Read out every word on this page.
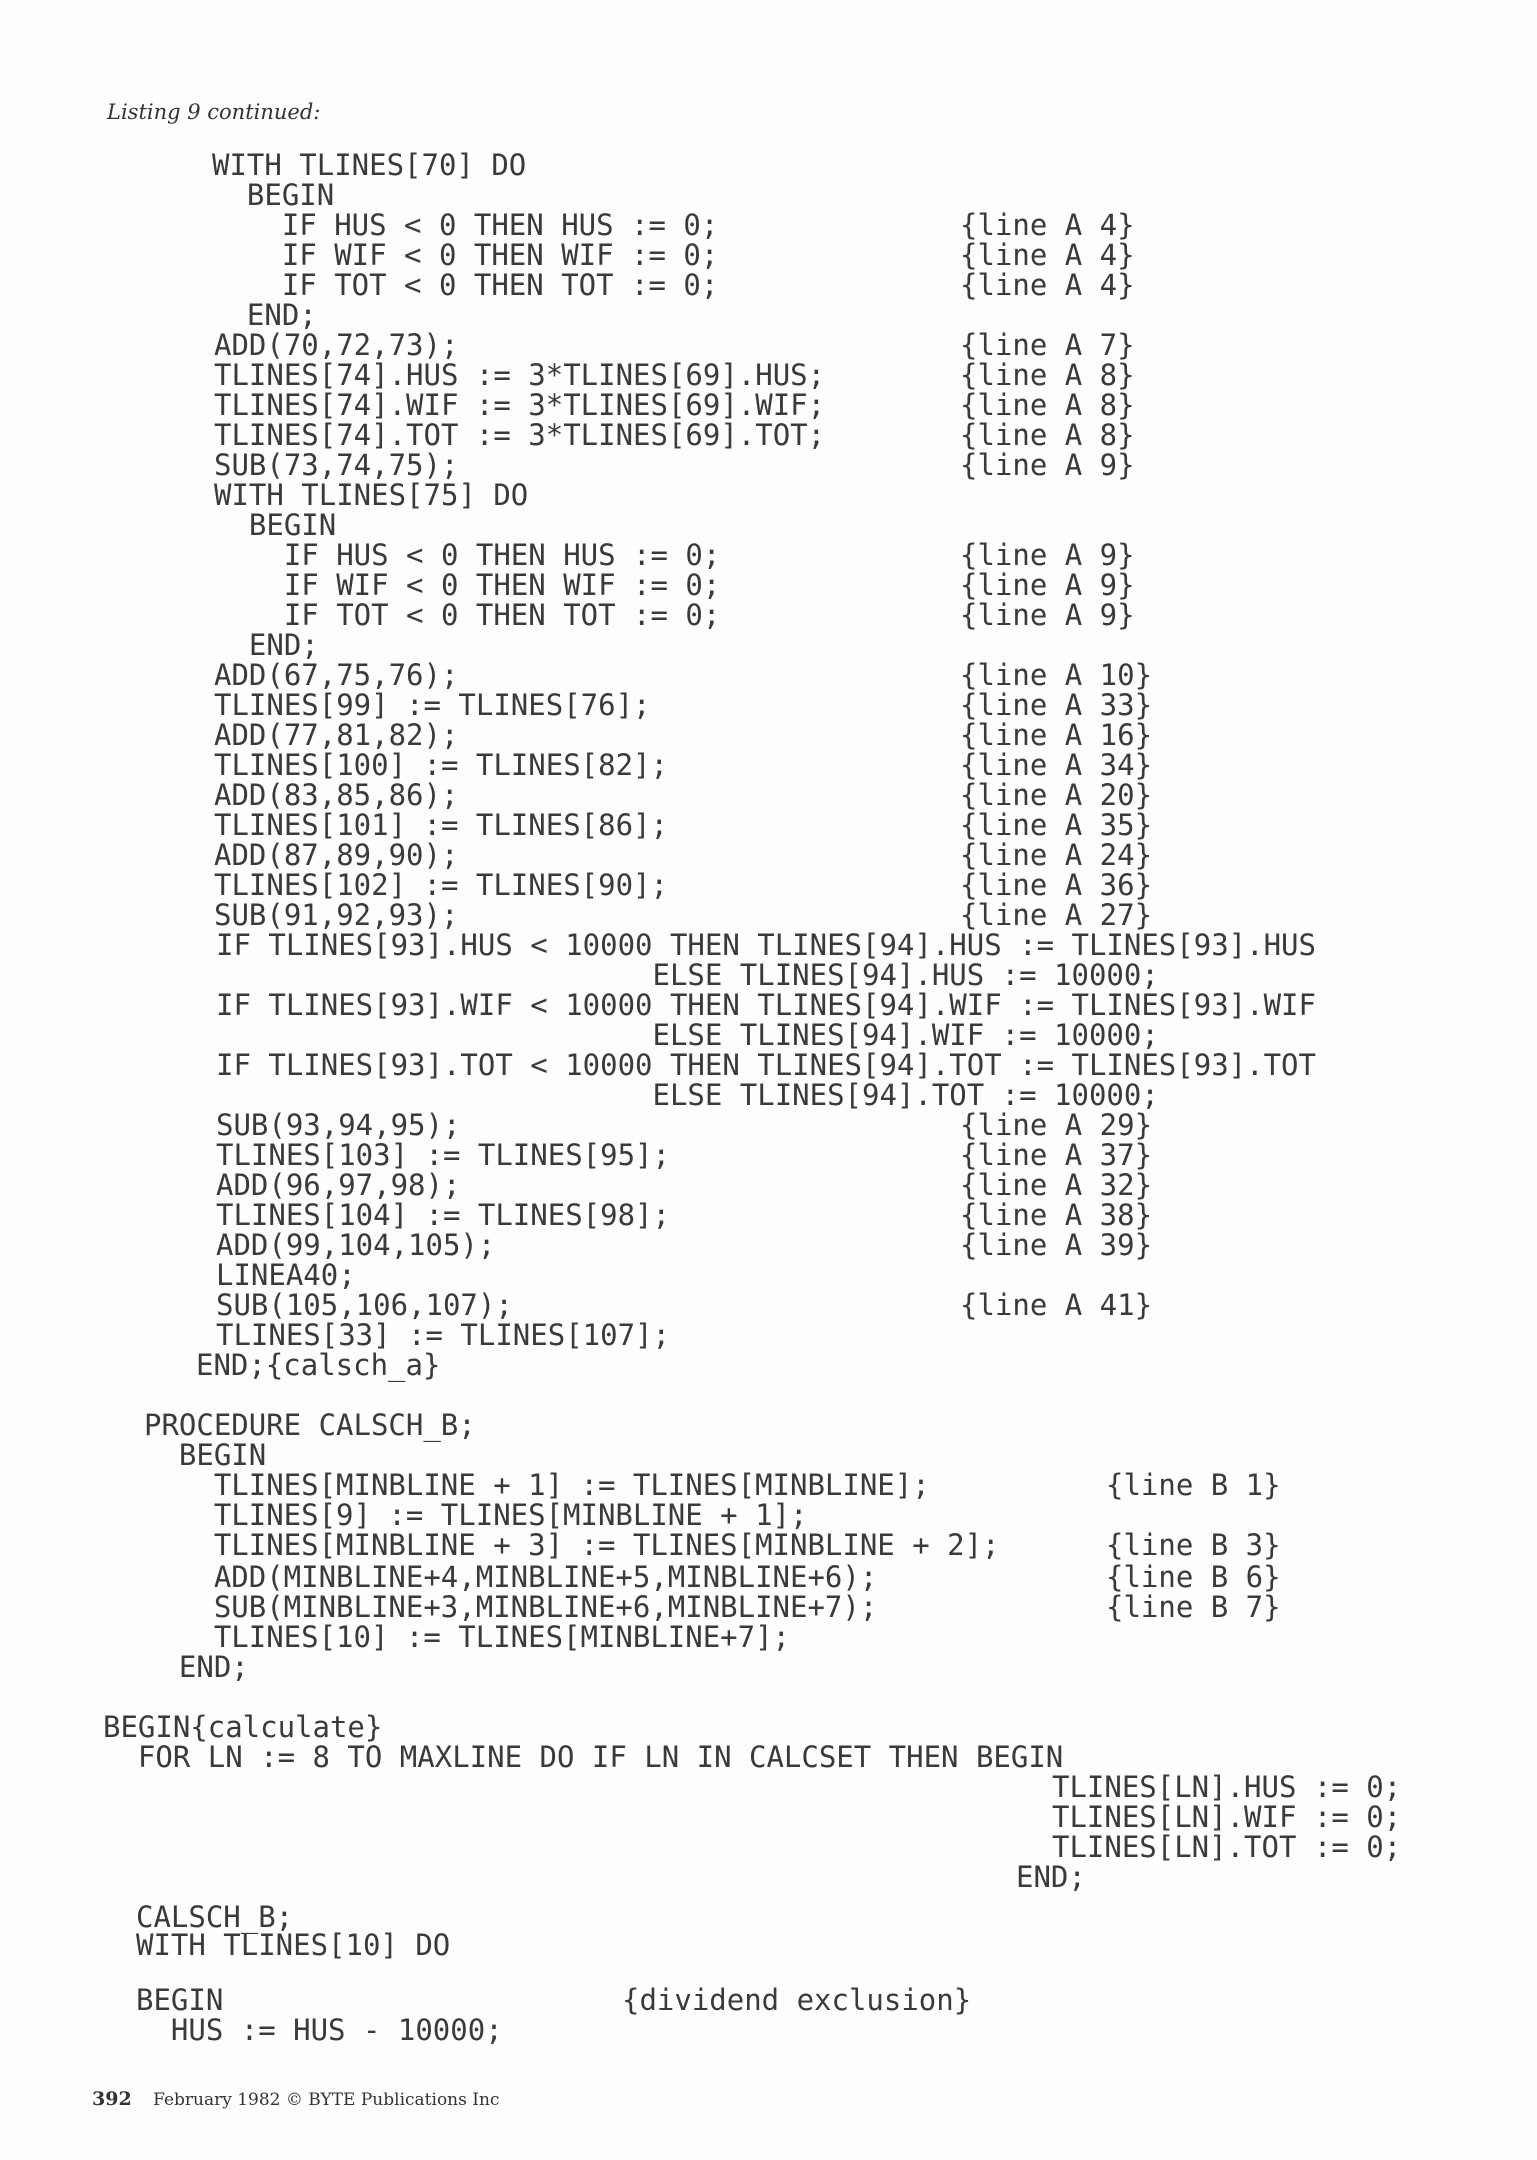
Listing 9 continued:
WITH TLINES[70] DO
BEGIN
IF HUS < 0 THEN HUS := 0;	{line A 4}
IF WIF < 0 THEN WIF := 0;	{line A 4}
IF TOT < 0 THEN TOT := 0;	{line A 4}
END;
ADD(70,72,73);	{line A 7}
TLINES[74].HUS := 3*TLINES[69].HUS;	{line A 8}
TLINES[74].WIF := 3*TLINES[69].WIF;	{line A 8}
TLINES[74].TOT := 3*TLINES[69].TOT;	{line A 8}
SUB(73,74,75);	{line A 9}
WITH TLINES[75] DO
BEGIN
IF HUS < 0 THEN HUS := 0;	{line A 9}
IF WIF < 0 THEN WIF := 0;	{line A 9}
IF TOT < 0 THEN TOT := 0;	{line A 9}
END;
ADD(67,75,76);	{line A 10}
TLINES[99] := TLINES[76];	{line A 33}
ADD(77,81,82);	{line A 16}
TLINES[100] := TLINES[82];	{line A 34}
ADD(83,85,86);	{line A 20}
TLINES[101] := TLINES[86];	{line A 35}
ADD(87,89,90);	{line A 24}
TLINES[102] := TLINES[90];	{line A 36}
SUB(91,92,93);	{line A 27}
IF TLINES[93].HUS < 10000 THEN TLINES[94].HUS := TLINES[93].HUS
ELSE TLINES[94].HUS := 10000;
IF TLINES[93].WIF < 10000 THEN TLINES[94].WIF := TLINES[93].WIF
ELSE TLINES[94].WIF := 10000;
IF TLINES[93].TOT < 10000 THEN TLINES[94].TOT := TLINES[93].TOT
ELSE TLINES[94].TOT := 10000;
SUB(93,94,95);	{line A 29}
TLINES[103] := TLINES[95];	{line A 37}
ADD(96,97,98);	{line A 32}
TLINES[104] := TLINES[98];	{line A 38}
ADD(99,104,105);	{line A 39}
LINEA40;
SUB(105,106,107);	{line A 41}
TLINES[33] := TLINES[107];
END;{calsch_a}
PROCEDURE CALSCH_B;
BEGIN
TLINES[MINBLINE + 1] := TLINES[MINBLINE];	{line B 1}
TLINES[9] := TLINES[MINBLINE + 1];
TLINES[MINBLINE + 3] := TLINES[MINBLINE + 2];	{line B 3}
ADD(MINBLINE+4,MINBLINE+5,MINBLINE+6);	{line B 6}
SUB(MINBLINE+3,MINBLINE+6,MINBLINE+7);	{line B 7}
TLINES[10] := TLINES[MINBLINE+7];
END;
BEGIN{calculate}
FOR LN := 8 TO MAXLINE DO IF LN IN CALCSET THEN BEGIN
TLINES[LN].HUS := 0;
TLINES[LN].WIF := 0;
TLINES[LN].TOT := 0;
END;
CALSCH_B;
WITH TLINES[10] DO
BEGIN	{dividend exclusion}
HUS := HUS - 10000;
392 February 1982 © BYTE Publications Inc
